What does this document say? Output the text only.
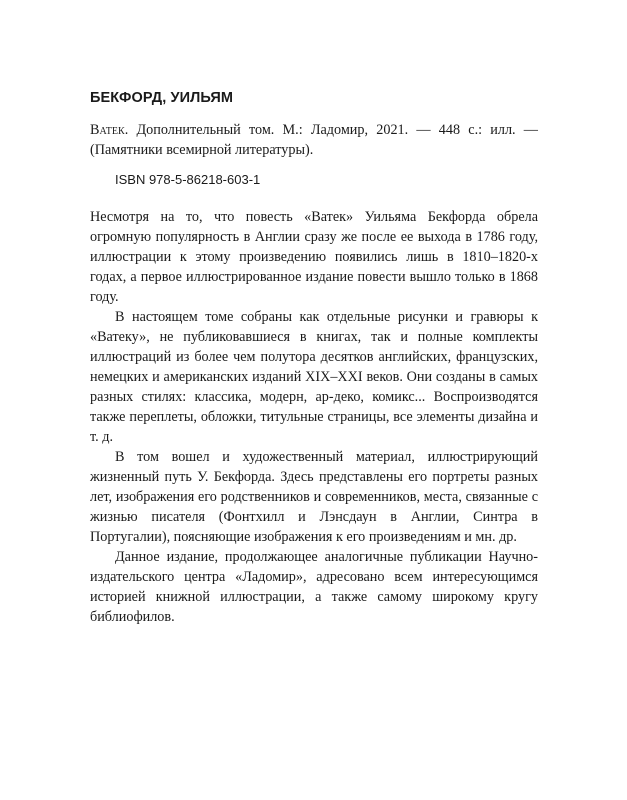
БЕКФОРД, УИЛЬЯМ
Ватек. Дополнительный том. М.: Ладомир, 2021. — 448 с.: илл. — (Памятники всемирной литературы).
ISBN 978-5-86218-603-1

Несмотря на то, что повесть «Ватек» Уильяма Бекфорда обрела огромную популярность в Англии сразу же после ее выхода в 1786 году, иллюстрации к этому произведению появились лишь в 1810–1820-х годах, а первое иллюстрированное издание повести вышло только в 1868 году.

В настоящем томе собраны как отдельные рисунки и гравюры к «Ватеку», не публиковавшиеся в книгах, так и полные комплекты иллюстраций из более чем полутора десятков английских, французских, немецких и американских изданий XIX–XXI веков. Они созданы в самых разных стилях: классика, модерн, ар-деко, комикс... Воспроизводятся также переплеты, обложки, титульные страницы, все элементы дизайна и т. д.

В том вошел и художественный материал, иллюстрирующий жизненный путь У. Бекфорда. Здесь представлены его портреты разных лет, изображения его родственников и современников, места, связанные с жизнью писателя (Фонтхилл и Лэнсдаун в Англии, Синтра в Португалии), поясняющие изображения к его произведениям и мн. др.

Данное издание, продолжающее аналогичные публикации Научно-издательского центра «Ладомир», адресовано всем интересующимся историей книжной иллюстрации, а также самому широкому кругу библиофилов.
